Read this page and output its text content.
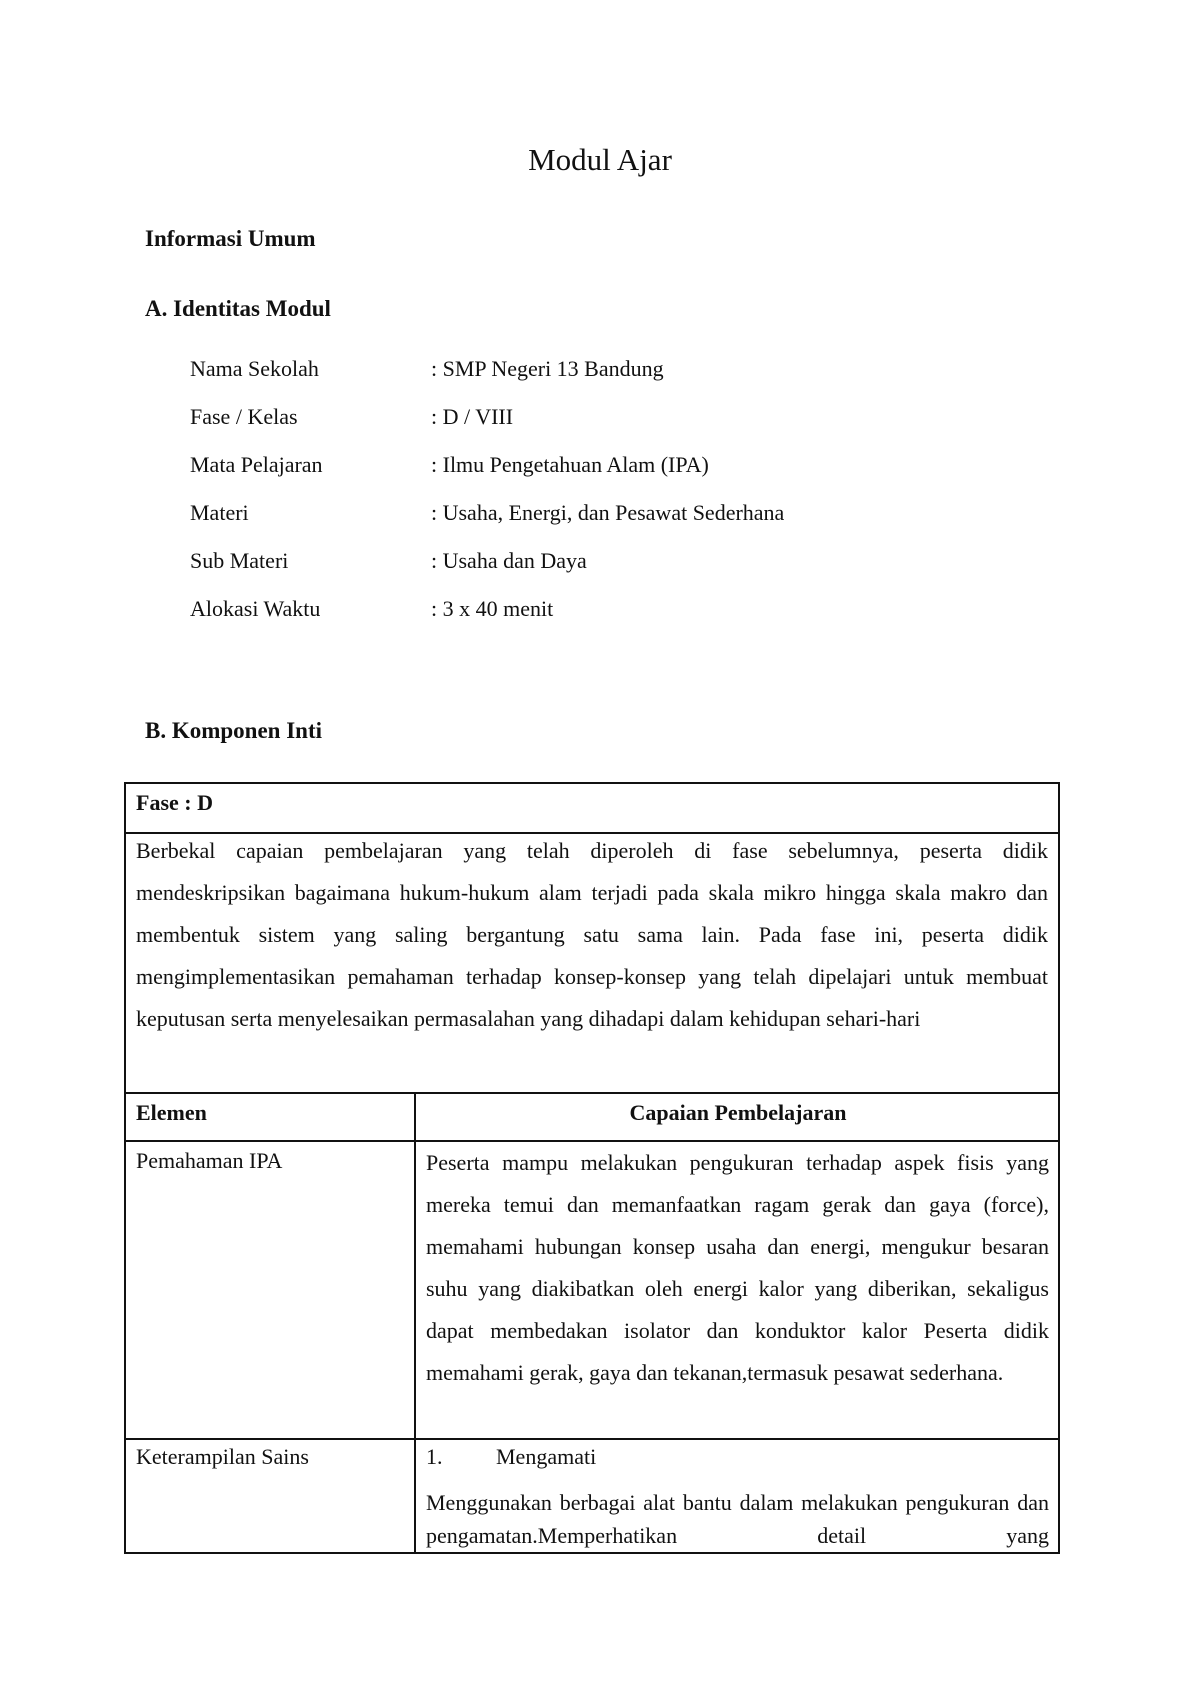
Modul Ajar
Informasi Umum
A. Identitas Modul
Nama Sekolah	: SMP Negeri 13 Bandung
Fase / Kelas	: D / VIII
Mata Pelajaran	: Ilmu Pengetahuan Alam (IPA)
Materi	: Usaha, Energi, dan Pesawat Sederhana
Sub Materi	: Usaha dan Daya
Alokasi Waktu	: 3 x 40 menit
B. Komponen Inti
Fase : D
Berbekal capaian pembelajaran yang telah diperoleh di fase sebelumnya, peserta didik mendeskripsikan bagaimana hukum-hukum alam terjadi pada skala mikro hingga skala makro dan membentuk sistem yang saling bergantung satu sama lain. Pada fase ini, peserta didik mengimplementasikan pemahaman terhadap konsep-konsep yang telah dipelajari untuk membuat keputusan serta menyelesaikan permasalahan yang dihadapi dalam kehidupan sehari-hari
Elemen	Capaian Pembelajaran
Pemahaman IPA	Peserta mampu melakukan pengukuran terhadap aspek fisis yang mereka temui dan memanfaatkan ragam gerak dan gaya (force), memahami hubungan konsep usaha dan energi, mengukur besaran suhu yang diakibatkan oleh energi kalor yang diberikan, sekaligus dapat membedakan isolator dan konduktor kalor Peserta didik memahami gerak, gaya dan tekanan,termasuk pesawat sederhana.
Keterampilan Sains	1.	Mengamati
Menggunakan berbagai alat bantu dalam melakukan pengukuran dan pengamatan.Memperhatikan detail yang
